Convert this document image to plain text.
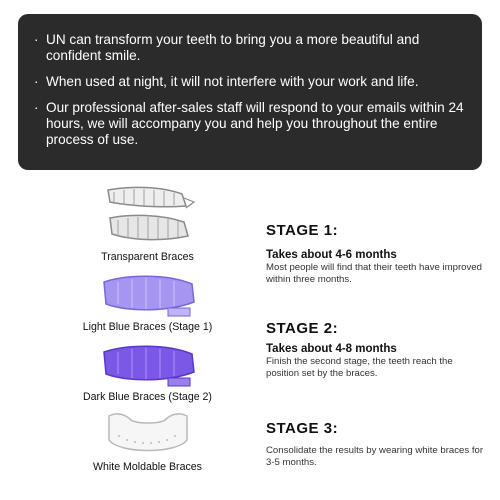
· UN can transform your teeth to bring you a more beautiful and confident smile.
· When used at night, it will not interfere with your work and life.
· Our professional after-sales staff will respond to your emails within 24 hours, we will accompany you and help you throughout the entire process of use.
Transparent Braces
Light Blue Braces (Stage 1)
Dark Blue Braces (Stage 2)
White Moldable Braces
STAGE 1:
Takes about 4-6 months
Most people will find that their teeth have improved within three months.
STAGE 2:
Takes about 4-8 months
Finish the second stage, the teeth reach the position set by the braces.
STAGE 3:
Consolidate the results by wearing white braces for 3-5 months.
